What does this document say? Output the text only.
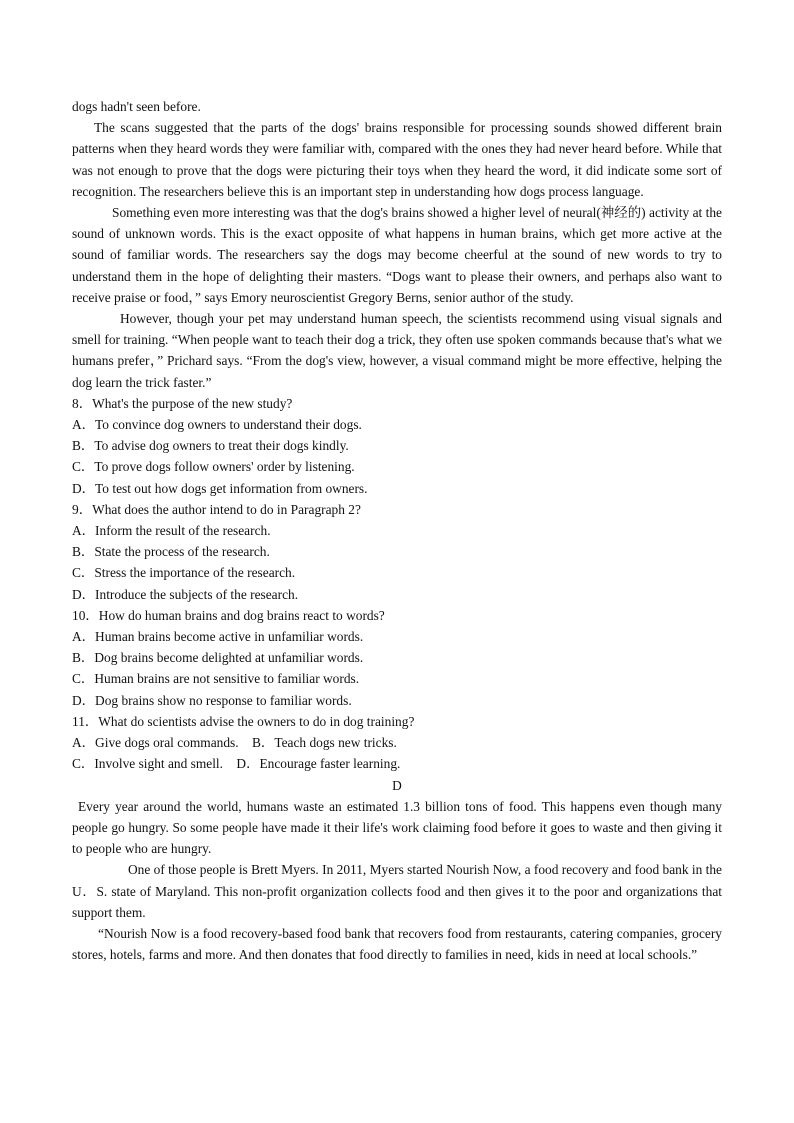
dogs hadn't seen before.

The scans suggested that the parts of the dogs' brains responsible for processing sounds showed different brain patterns when they heard words they were familiar with, compared with the ones they had never heard before. While that was not enough to prove that the dogs were picturing their toys when they heard the word, it did indicate some sort of recognition. The researchers believe this is an important step in understanding how dogs process language.

Something even more interesting was that the dog's brains showed a higher level of neural(神经的) activity at the sound of unknown words. This is the exact opposite of what happens in human brains, which get more active at the sound of familiar words. The researchers say the dogs may become cheerful at the sound of new words to try to understand them in the hope of delighting their masters. “Dogs want to please their owners, and perhaps also want to receive praise or food，” says Emory neuroscientist Gregory Berns, senior author of the study.

However, though your pet may understand human speech, the scientists recommend using visual signals and smell for training. “When people want to teach their dog a trick, they often use spoken commands because that's what we humans prefer，” Prichard says. “From the dog's view, however, a visual command might be more effective, helping the dog learn the trick faster.”

8．What's the purpose of the new study?

A．To convince dog owners to understand their dogs.

B．To advise dog owners to treat their dogs kindly.

C．To prove dogs follow owners' order by listening.

D．To test out how dogs get information from owners.

9．What does the author intend to do in Paragraph 2?

A．Inform the result of the research.

B．State the process of the research.

C．Stress the importance of the research.

D．Introduce the subjects of the research.

10．How do human brains and dog brains react to words?

A．Human brains become active in unfamiliar words.

B．Dog brains become delighted at unfamiliar words.

C．Human brains are not sensitive to familiar words.

D．Dog brains show no response to familiar words.

11．What do scientists advise the owners to do in dog training?

A．Give dogs oral commands.　B．Teach dogs new tricks.

C．Involve sight and smell.　D．Encourage faster learning.

D

Every year around the world, humans waste an estimated 1.3 billion tons of food. This happens even though many people go hungry. So some people have made it their life's work claiming food before it goes to waste and then giving it to people who are hungry.

One of those people is Brett Myers. In 2011, Myers started Nourish Now, a food recovery and food bank in the U．S. state of Maryland. This non-profit organization collects food and then gives it to the poor and organizations that support them.

“Nourish Now is a food recovery-based food bank that recovers food from restaurants, catering companies, grocery stores, hotels, farms and more. And then donates that food directly to families in need, kids in need at local schools.”
